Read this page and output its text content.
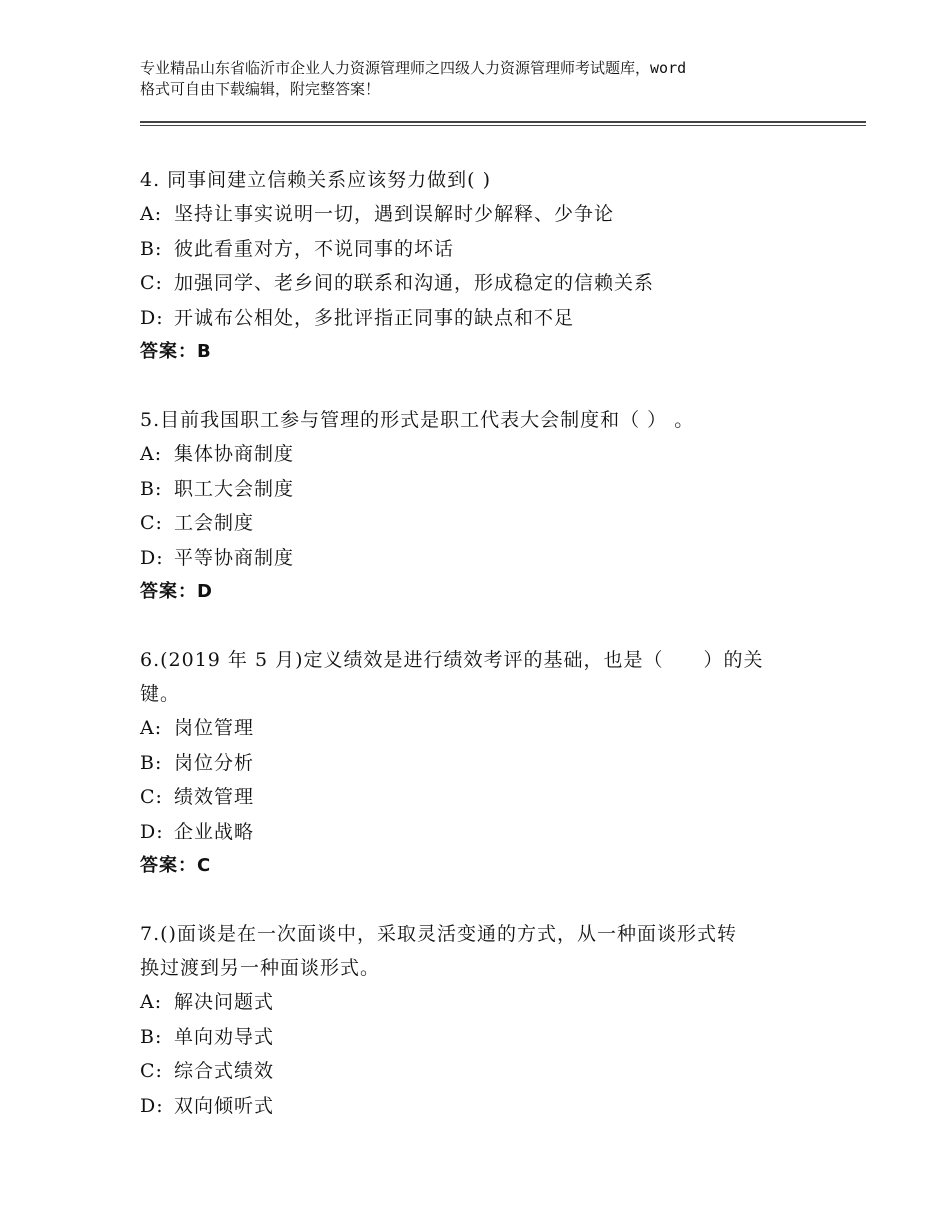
专业精品山东省临沂市企业人力资源管理师之四级人力资源管理师考试题库，word
格式可自由下载编辑，附完整答案！
4. 同事间建立信赖关系应该努力做到( )
A: 坚持让事实说明一切，遇到误解时少解释、少争论
B: 彼此看重对方，不说同事的坏话
C: 加强同学、老乡间的联系和沟通，形成稳定的信赖关系
D: 开诚布公相处，多批评指正同事的缺点和不足
答案：B
5.目前我国职工参与管理的形式是职工代表大会制度和（ ） 。
A: 集体协商制度
B: 职工大会制度
C: 工会制度
D: 平等协商制度
答案：D
6.(2019 年 5 月)定义绩效是进行绩效考评的基础，也是（　　）的关
键。
A: 岗位管理
B: 岗位分析
C: 绩效管理
D: 企业战略
答案：C
7.()面谈是在一次面谈中，采取灵活变通的方式，从一种面谈形式转
换过渡到另一种面谈形式。
A: 解决问题式
B: 单向劝导式
C: 综合式绩效
D: 双向倾听式
